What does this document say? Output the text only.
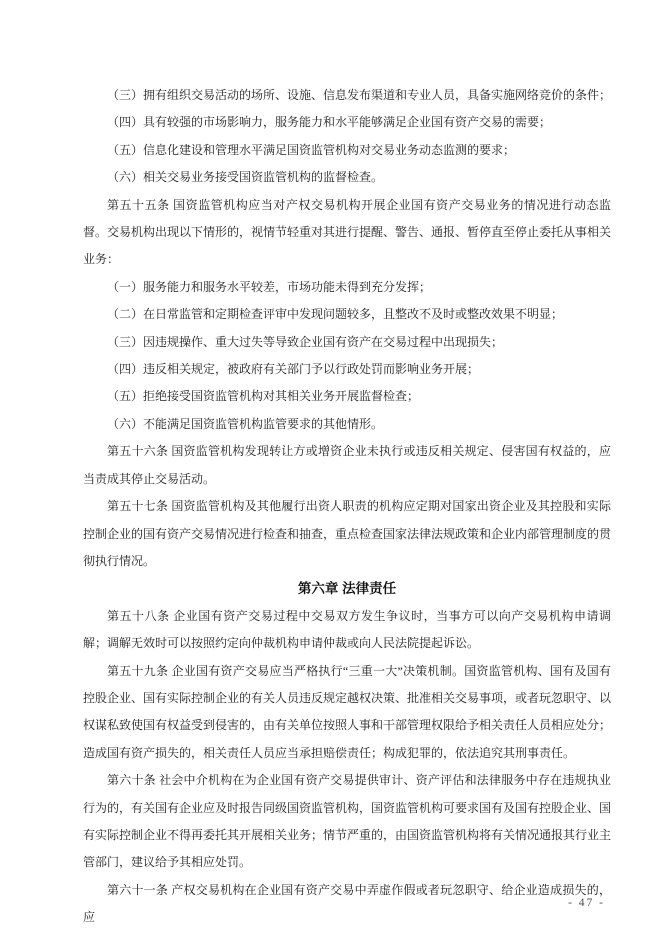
（三）拥有组织交易活动的场所、设施、信息发布渠道和专业人员，具备实施网络竞价的条件；

（四）具有较强的市场影响力，服务能力和水平能够满足企业国有资产交易的需要；

（五）信息化建设和管理水平满足国资监管机构对交易业务动态监测的要求；

（六）相关交易业务接受国资监管机构的监督检查。

第五十五条 国资监管机构应当对产权交易机构开展企业国有资产交易业务的情况进行动态监督。交易机构出现以下情形的，视情节轻重对其进行提醒、警告、通报、暂停直至停止委托从事相关业务：

（一）服务能力和服务水平较差，市场功能未得到充分发挥；

（二）在日常监管和定期检查评审中发现问题较多，且整改不及时或整改效果不明显；

（三）因违规操作、重大过失等导致企业国有资产在交易过程中出现损失；

（四）违反相关规定，被政府有关部门予以行政处罚而影响业务开展；

（五）拒绝接受国资监管机构对其相关业务开展监督检查；

（六）不能满足国资监管机构监管要求的其他情形。

第五十六条 国资监管机构发现转让方或增资企业未执行或违反相关规定、侵害国有权益的，应当责成其停止交易活动。

第五十七条 国资监管机构及其他履行出资人职责的机构应定期对国家出资企业及其控股和实际控制企业的国有资产交易情况进行检查和抽查，重点检查国家法律法规政策和企业内部管理制度的贯彻执行情况。

第六章 法律责任

第五十八条 企业国有资产交易过程中交易双方发生争议时，当事方可以向产交易机构申请调解；调解无效时可以按照约定向仲裁机构申请仲裁或向人民法院提起诉讼。

第五十九条 企业国有资产交易应当严格执行“三重一大”决策机制。国资监管机构、国有及国有控股企业、国有实际控制企业的有关人员违反规定越权决策、批准相关交易事项，或者玩忽职守、以权谋私致使国有权益受到侵害的，由有关单位按照人事和干部管理权限给予相关责任人员相应处分；造成国有资产损失的，相关责任人员应当承担赔偿责任；构成犯罪的，依法追究其刑事责任。

第六十条 社会中介机构在为企业国有资产交易提供审计、资产评估和法律服务中存在违规执业行为的，有关国有企业应及时报告同级国资监管机构，国资监管机构可要求国有及国有控股企业、国有实际控制企业不得再委托其开展相关业务；情节严重的，由国资监管机构将有关情况通报其行业主管部门，建议给予其相应处罚。

第六十一条 产权交易机构在企业国有资产交易中弄虚作假或者玩忽职守、给企业造成损失的，应

- 47 -
